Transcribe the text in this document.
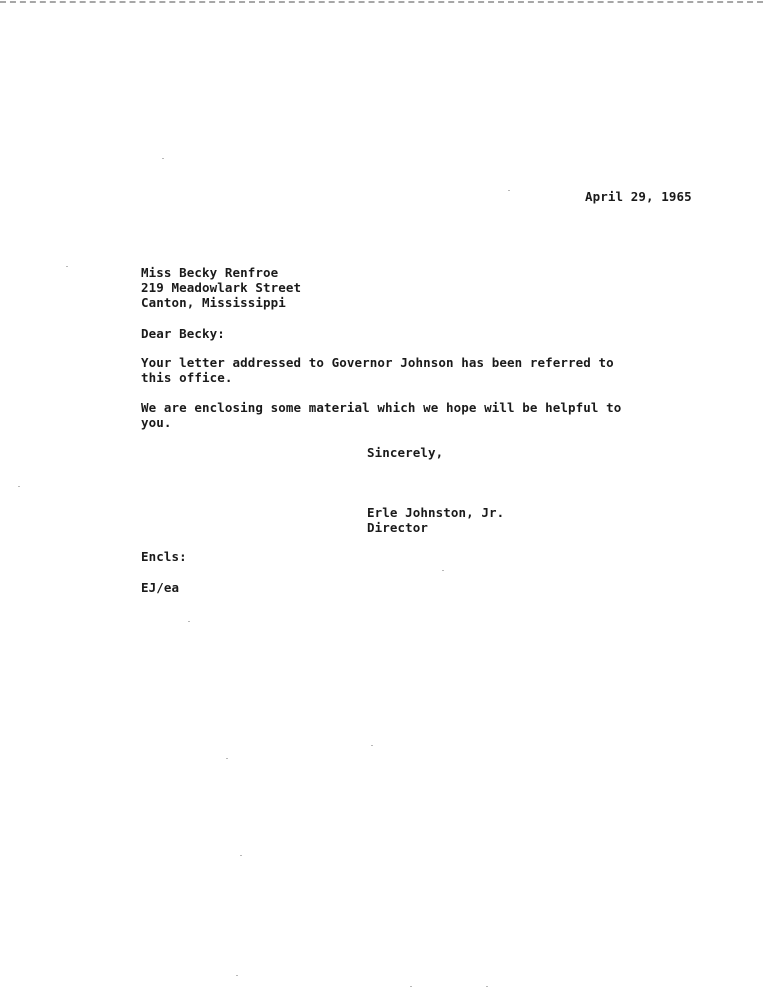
April 29, 1965
Miss Becky Renfroe
219 Meadowlark Street
Canton, Mississippi
Dear Becky:
Your letter addressed to Governor Johnson has been referred to
this office.
We are enclosing some material which we hope will be helpful to
you.
Sincerely,
Erle Johnston, Jr.
Director
Encls:
EJ/ea
